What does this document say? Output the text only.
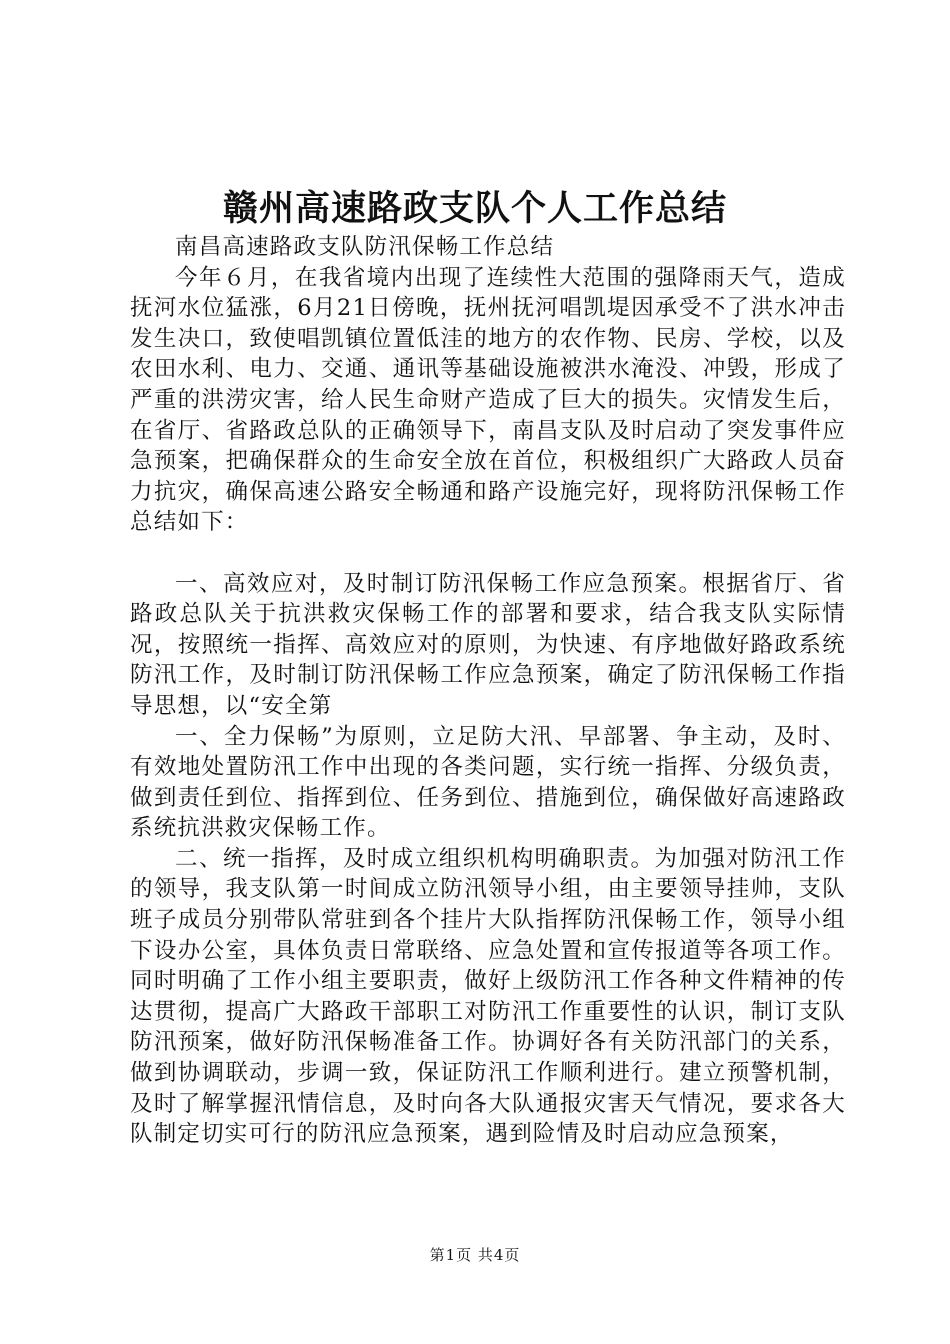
赣州高速路政支队个人工作总结

南昌高速路政支队防汛保畅工作总结

今年６月，在我省境内出现了连续性大范围的强降雨天气，造成抚河水位猛涨，6月21日傍晚，抚州抚河唱凯堤因承受不了洪水冲击发生决口，致使唱凯镇位置低洼的地方的农作物、民房、学校，以及农田水利、电力、交通、通讯等基础设施被洪水淹没、冲毁，形成了严重的洪涝灾害，给人民生命财产造成了巨大的损失。灾情发生后，在省厅、省路政总队的正确领导下，南昌支队及时启动了突发事件应急预案，把确保群众的生命安全放在首位，积极组织广大路政人员奋力抗灾，确保高速公路安全畅通和路产设施完好，现将防汛保畅工作总结如下：

一、高效应对，及时制订防汛保畅工作应急预案。根据省厅、省路政总队关于抗洪救灾保畅工作的部署和要求，结合我支队实际情况，按照统一指挥、高效应对的原则，为快速、有序地做好路政系统防汛工作，及时制订防汛保畅工作应急预案，确定了防汛保畅工作指导思想，以“安全第

一、全力保畅”为原则，立足防大汛、早部署、争主动，及时、有效地处置防汛工作中出现的各类问题，实行统一指挥、分级负责，做到责任到位、指挥到位、任务到位、措施到位，确保做好高速路政系统抗洪救灾保畅工作。

二、统一指挥，及时成立组织机构明确职责。为加强对防汛工作的领导，我支队第一时间成立防汛领导小组，由主要领导挂帅，支队班子成员分别带队常驻到各个挂片大队指挥防汛保畅工作，领导小组下设办公室，具体负责日常联络、应急处置和宣传报道等各项工作。同时明确了工作小组主要职责，做好上级防汛工作各种文件精神的传达贯彻，提高广大路政干部职工对防汛工作重要性的认识，制订支队防汛预案，做好防汛保畅准备工作。协调好各有关防汛部门的关系，做到协调联动，步调一致，保证防汛工作顺利进行。建立预警机制，及时了解掌握汛情信息，及时向各大队通报灾害天气情况，要求各大队制定切实可行的防汛应急预案，遇到险情及时启动应急预案，

第1页 共4页
